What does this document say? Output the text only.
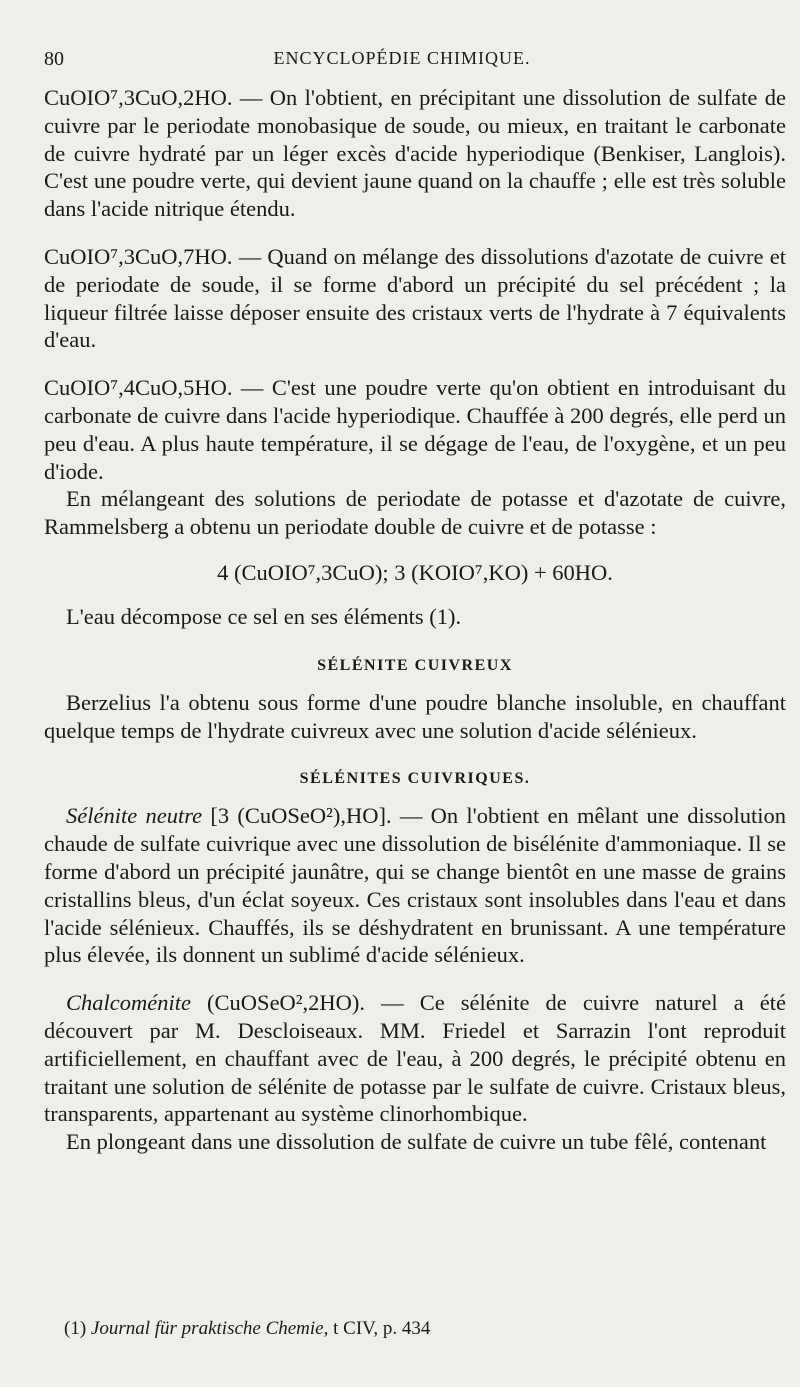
80	ENCYCLOPÉDIE CHIMIQUE.

CuOIO⁷,3CuO,2HO. — On l'obtient, en précipitant une dissolution de sulfate de cuivre par le periodate monobasique de soude, ou mieux, en traitant le carbonate de cuivre hydraté par un léger excès d'acide hyperiodique (Benkiser, Langlois). C'est une poudre verte, qui devient jaune quand on la chauffe ; elle est très soluble dans l'acide nitrique étendu.

CuOIO⁷,3CuO,7HO. — Quand on mélange des dissolutions d'azotate de cuivre et de periodate de soude, il se forme d'abord un précipité du sel précédent ; la liqueur filtrée laisse déposer ensuite des cristaux verts de l'hydrate à 7 équivalents d'eau.

CuOIO⁷,4CuO,5HO. — C'est une poudre verte qu'on obtient en introduisant du carbonate de cuivre dans l'acide hyperiodique. Chauffée à 200 degrés, elle perd un peu d'eau. A plus haute température, il se dégage de l'eau, de l'oxygène, et un peu d'iode.

En mélangeant des solutions de periodate de potasse et d'azotate de cuivre, Rammelsberg a obtenu un periodate double de cuivre et de potasse :

4 (CuOIO⁷,3CuO); 3 (KOIO⁷,KO) + 60HO.

L'eau décompose ce sel en ses éléments (1).

SÉLÉNITE CUIVREUX

Berzelius l'a obtenu sous forme d'une poudre blanche insoluble, en chauffant quelque temps de l'hydrate cuivreux avec une solution d'acide sélénieux.

SÉLÉNITES CUIVRIQUES.

Sélénite neutre [3 (CuOSeO²),HO]. — On l'obtient en mêlant une dissolution chaude de sulfate cuivrique avec une dissolution de bisélénite d'ammoniaque. Il se forme d'abord un précipité jaunâtre, qui se change bientôt en une masse de grains cristallins bleus, d'un éclat soyeux. Ces cristaux sont insolubles dans l'eau et dans l'acide sélénieux. Chauffés, ils se déshydratent en brunissant. A une température plus élevée, ils donnent un sublimé d'acide sélénieux.

Chalcoménite (CuOSeO²,2HO). — Ce sélénite de cuivre naturel a été découvert par M. Descloiseaux. MM. Friedel et Sarrazin l'ont reproduit artificiellement, en chauffant avec de l'eau, à 200 degrés, le précipité obtenu en traitant une solution de sélénite de potasse par le sulfate de cuivre. Cristaux bleus, transparents, appartenant au système clinorhombique.

En plongeant dans une dissolution de sulfate de cuivre un tube fêlé, contenant

(1) Journal für praktische Chemie, t CIV, p. 434
